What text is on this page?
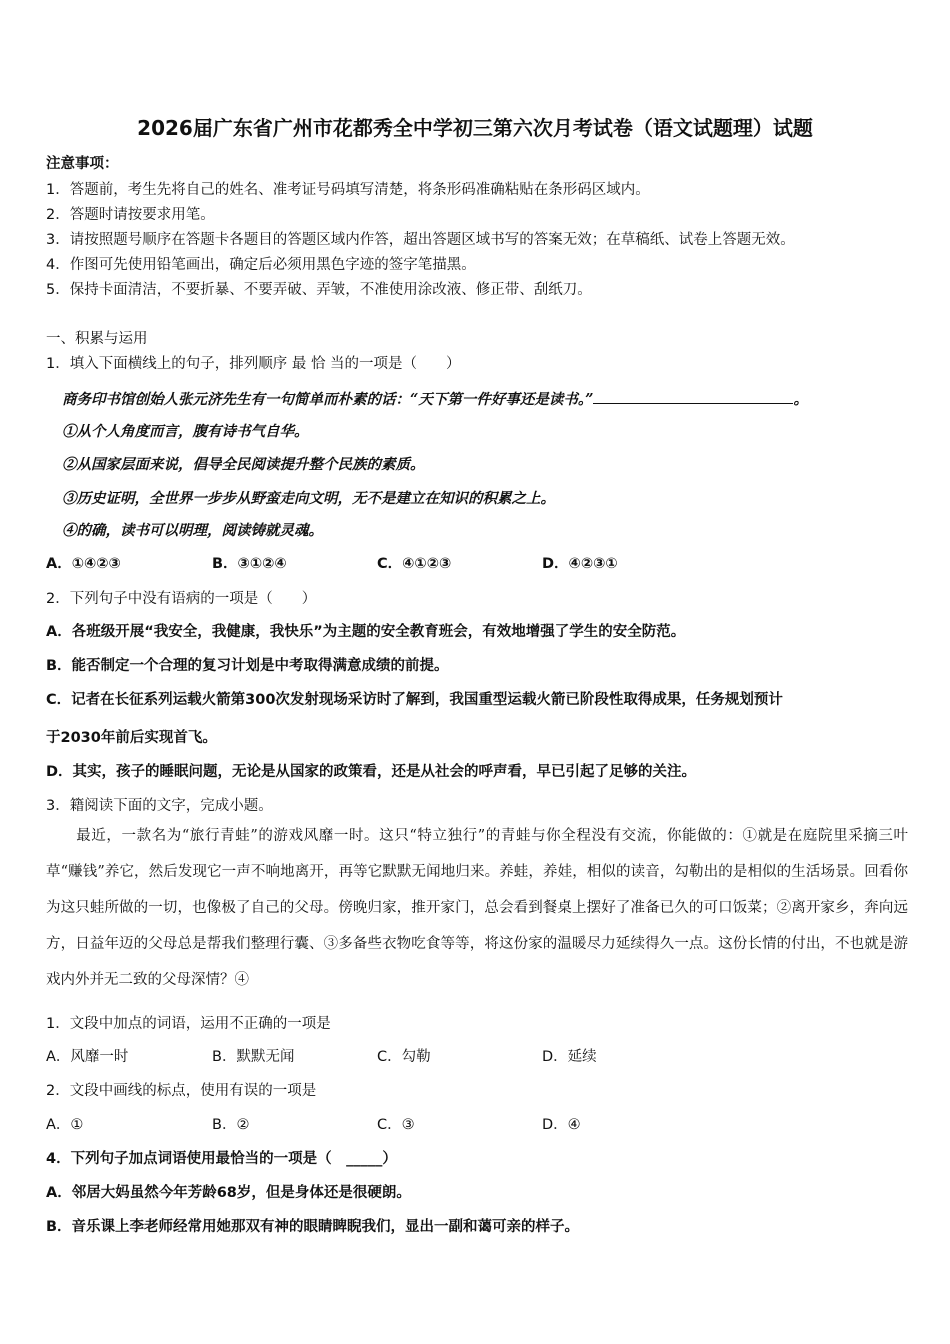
2026届广东省广州市花都秀全中学初三第六次月考试卷（语文试题理）试题
注意事项：
1．答题前，考生先将自己的姓名、准考证号码填写清楚，将条形码准确粘贴在条形码区域内。
2．答题时请按要求用笔。
3．请按照题号顺序在答题卡各题目的答题区域内作答，超出答题区域书写的答案无效；在草稿纸、试卷上答题无效。
4．作图可先使用铅笔画出，确定后必须用黑色字迹的签字笔描黑。
5．保持卡面清洁，不要折暴、不要弄破、弄皱，不准使用涂改液、修正带、刮纸刀。
一、积累与运用
1．填入下面横线上的句子，排列顺序 最 恰 当的一项是（　　）
商务印书馆创始人张元济先生有一句简单而朴素的话：“天下第一件好事还是读书。”	。
①从个人角度而言，腹有诗书气自华。
②从国家层面来说，倡导全民阅读提升整个民族的素质。
③历史证明，全世界一步步从野蛮走向文明，无不是建立在知识的积累之上。
④的确，读书可以明理，阅读铸就灵魂。
A．①④②③	B．③①②④	C．④①②③	D．④②③①
2．下列句子中没有语病的一项是（　　）
A．各班级开展“我安全，我健康，我快乐”为主题的安全教育班会，有效地增强了学生的安全防范。
B．能否制定一个合理的复习计划是中考取得满意成绩的前提。
C．记者在长征系列运载火箭第300次发射现场采访时了解到，我国重型运载火箭已阶段性取得成果，任务规划预计
于2030年前后实现首飞。
D．其实，孩子的睡眠问题，无论是从国家的政策看，还是从社会的呼声看，早已引起了足够的关注。
3．籍阅读下面的文字，完成小题。
　　最近，一款名为“旅行青蛙”的游戏风靡一时。这只“特立独行”的青蛙与你全程没有交流，你能做的：①就是在庭院里采摘三叶草“赚钱”养它，然后发现它一声不响地离开，再等它默默无闻地归来。养蛙，养娃，相似的读音，勾勒出的是相似的生活场景。回看你为这只蛙所做的一切，也像极了自己的父母。傍晚归家，推开家门，总会看到餐桌上摆好了准备已久的可口饭菜；②离开家乡，奔向远方，日益年迈的父母总是帮我们整理行囊、③多备些衣物吃食等等，将这份家的温暖尽力延续得久一点。这份长情的付出，不也就是游戏内外并无二致的父母深情？④
1．文段中加点的词语，运用不正确的一项是
A．风靡一时	B．默默无闻	C．勾勒	D．延续
2．文段中画线的标点，使用有误的一项是
A．①	B．②	C．③	D．④
4．下列句子加点词语使用最恰当的一项是（　_____）
A．邻居大妈虽然今年芳龄68岁，但是身体还是很硬朗。
B．音乐课上李老师经常用她那双有神的眼睛睥睨我们，显出一副和蔼可亲的样子。
